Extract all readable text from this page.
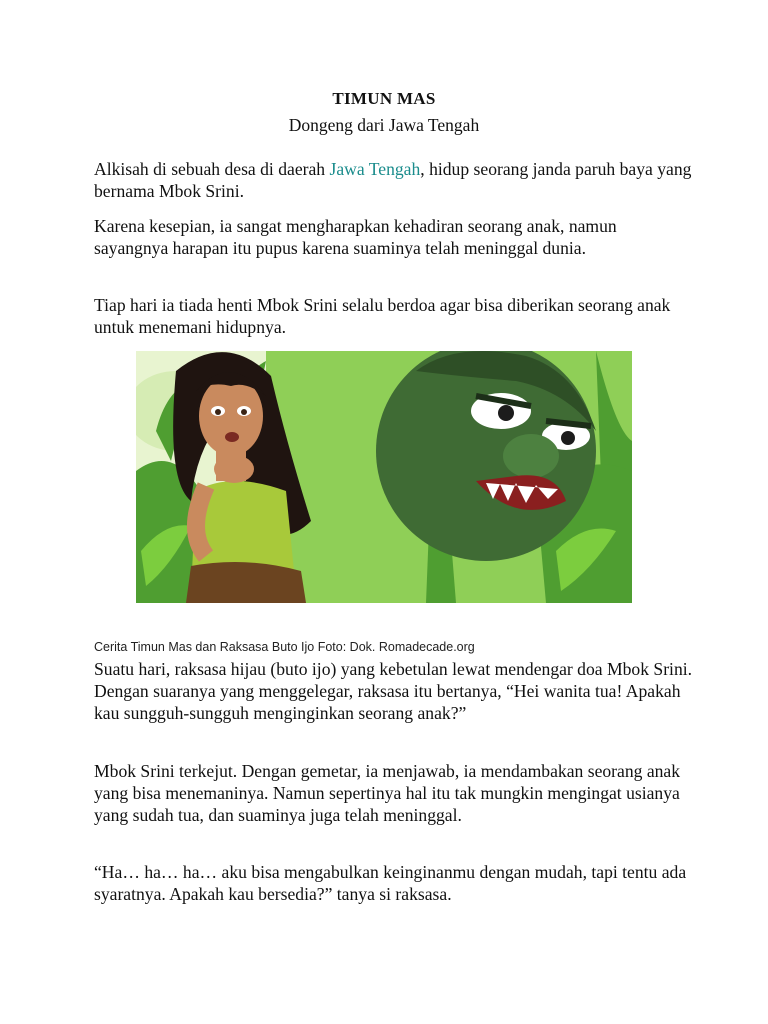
TIMUN MAS
Dongeng dari Jawa Tengah

Alkisah di sebuah desa di daerah Jawa Tengah, hidup seorang janda paruh baya yang bernama Mbok Srini.

Karena kesepian, ia sangat mengharapkan kehadiran seorang anak, namun sayangnya harapan itu pupus karena suaminya telah meninggal dunia.

Tiap hari ia tiada henti Mbok Srini selalu berdoa agar bisa diberikan seorang anak untuk menemani hidupnya.

Cerita Timun Mas dan Raksasa Buto Ijo Foto: Dok. Romadecade.org

Suatu hari, raksasa hijau (buto ijo) yang kebetulan lewat mendengar doa Mbok Srini. Dengan suaranya yang menggelegar, raksasa itu bertanya, “Hei wanita tua! Apakah kau sungguh-sungguh menginginkan seorang anak?”

Mbok Srini terkejut. Dengan gemetar, ia menjawab, ia mendambakan seorang anak yang bisa menemaninya. Namun sepertinya hal itu tak mungkin mengingat usianya yang sudah tua, dan suaminya juga telah meninggal.

“Ha… ha… ha… aku bisa mengabulkan keinginanmu dengan mudah, tapi tentu ada syaratnya. Apakah kau bersedia?” tanya si raksasa.
